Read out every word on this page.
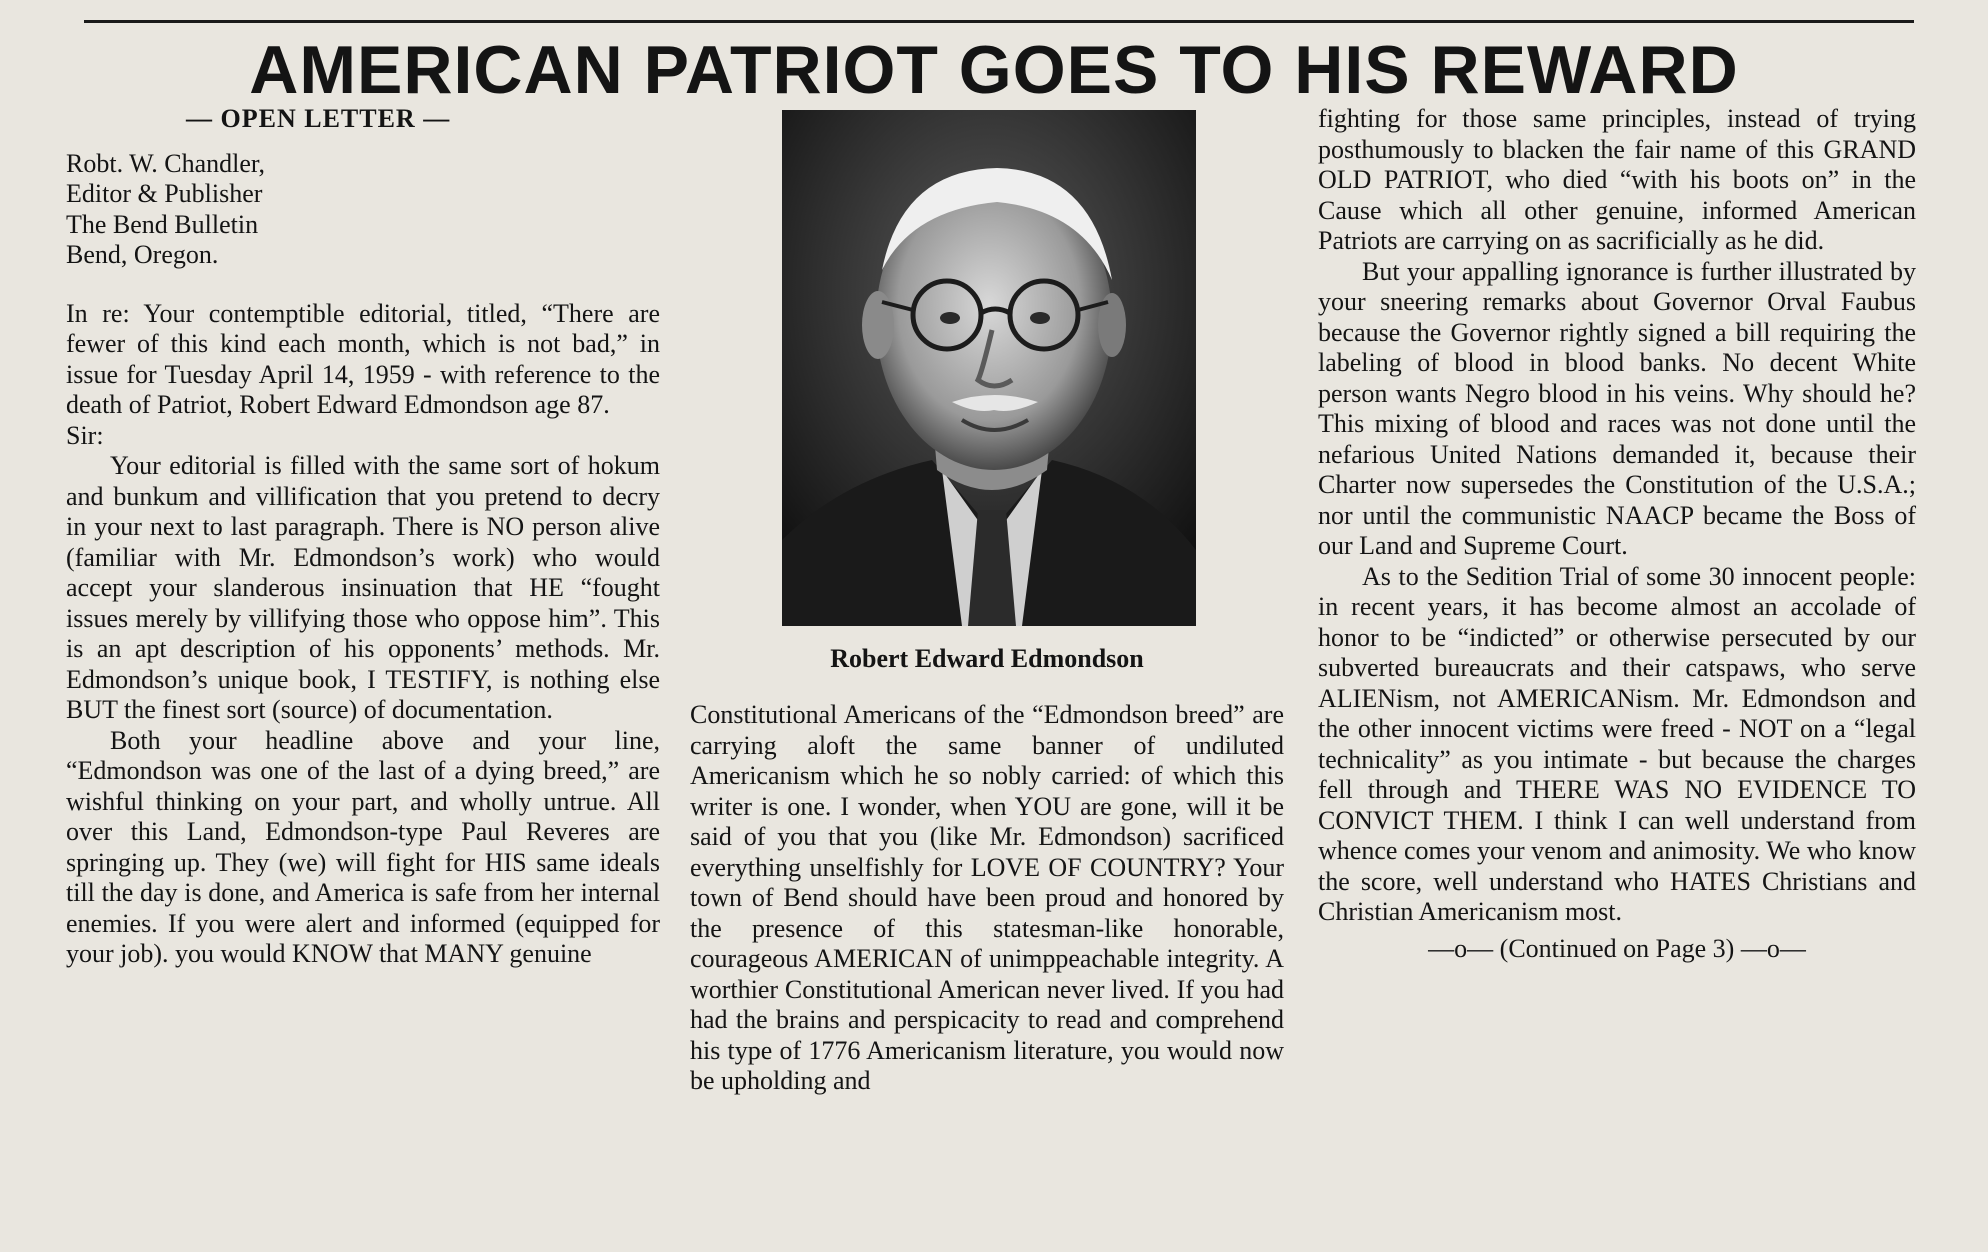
AMERICAN PATRIOT GOES TO HIS REWARD

— OPEN LETTER —

Robt. W. Chandler,
Editor & Publisher
The Bend Bulletin
Bend, Oregon.

In re: Your contemptible editorial, titled, “There are fewer of this kind each month, which is not bad,” in issue for Tuesday April 14, 1959 - with reference to the death of Patriot, Robert Edward Edmondson age 87.

Sir:

Your editorial is filled with the same sort of hokum and bunkum and villification that you pretend to decry in your next to last paragraph. There is NO person alive (familiar with Mr. Edmondson’s work) who would accept your slanderous insinuation that HE “fought issues merely by villifying those who oppose him”. This is an apt description of his opponents’ methods. Mr. Edmondson’s unique book, I TESTIFY, is nothing else BUT the finest sort (source) of documentation.

Both your headline above and your line, “Edmondson was one of the last of a dying breed,” are wishful thinking on your part, and wholly untrue. All over this Land, Edmondson-type Paul Reveres are springing up. They (we) will fight for HIS same ideals till the day is done, and America is safe from her internal enemies. If you were alert and informed (equipped for your job). you would KNOW that MANY genuine

Robert Edward Edmondson

Constitutional Americans of the “Edmondson breed” are carrying aloft the same banner of undiluted Americanism which he so nobly carried: of which this writer is one. I wonder, when YOU are gone, will it be said of you that you (like Mr. Edmondson) sacrificed everything unselfishly for LOVE OF COUNTRY? Your town of Bend should have been proud and honored by the presence of this statesman-like honorable, courageous AMERICAN of unimppeachable integrity. A worthier Constitutional American never lived. If you had had the brains and perspicacity to read and comprehend his type of 1776 Americanism literature, you would now be upholding and

fighting for those same principles, instead of trying posthumously to blacken the fair name of this GRAND OLD PATRIOT, who died “with his boots on” in the Cause which all other genuine, informed American Patriots are carrying on as sacrificially as he did.

But your appalling ignorance is further illustrated by your sneering remarks about Governor Orval Faubus because the Governor rightly signed a bill requiring the labeling of blood in blood banks. No decent White person wants Negro blood in his veins. Why should he? This mixing of blood and races was not done until the nefarious United Nations demanded it, because their Charter now supersedes the Constitution of the U.S.A.; nor until the communistic NAACP became the Boss of our Land and Supreme Court.

As to the Sedition Trial of some 30 innocent people: in recent years, it has become almost an accolade of honor to be “indicted” or otherwise persecuted by our subverted bureaucrats and their catspaws, who serve ALIENism, not AMERICANism. Mr. Edmondson and the other innocent victims were freed - NOT on a “legal technicality” as you intimate - but because the charges fell through and THERE WAS NO EVIDENCE TO CONVICT THEM. I think I can well understand from whence comes your venom and animosity. We who know the score, well understand who HATES Christians and Christian Americanism most.

—o— (Continued on Page 3) —o—
